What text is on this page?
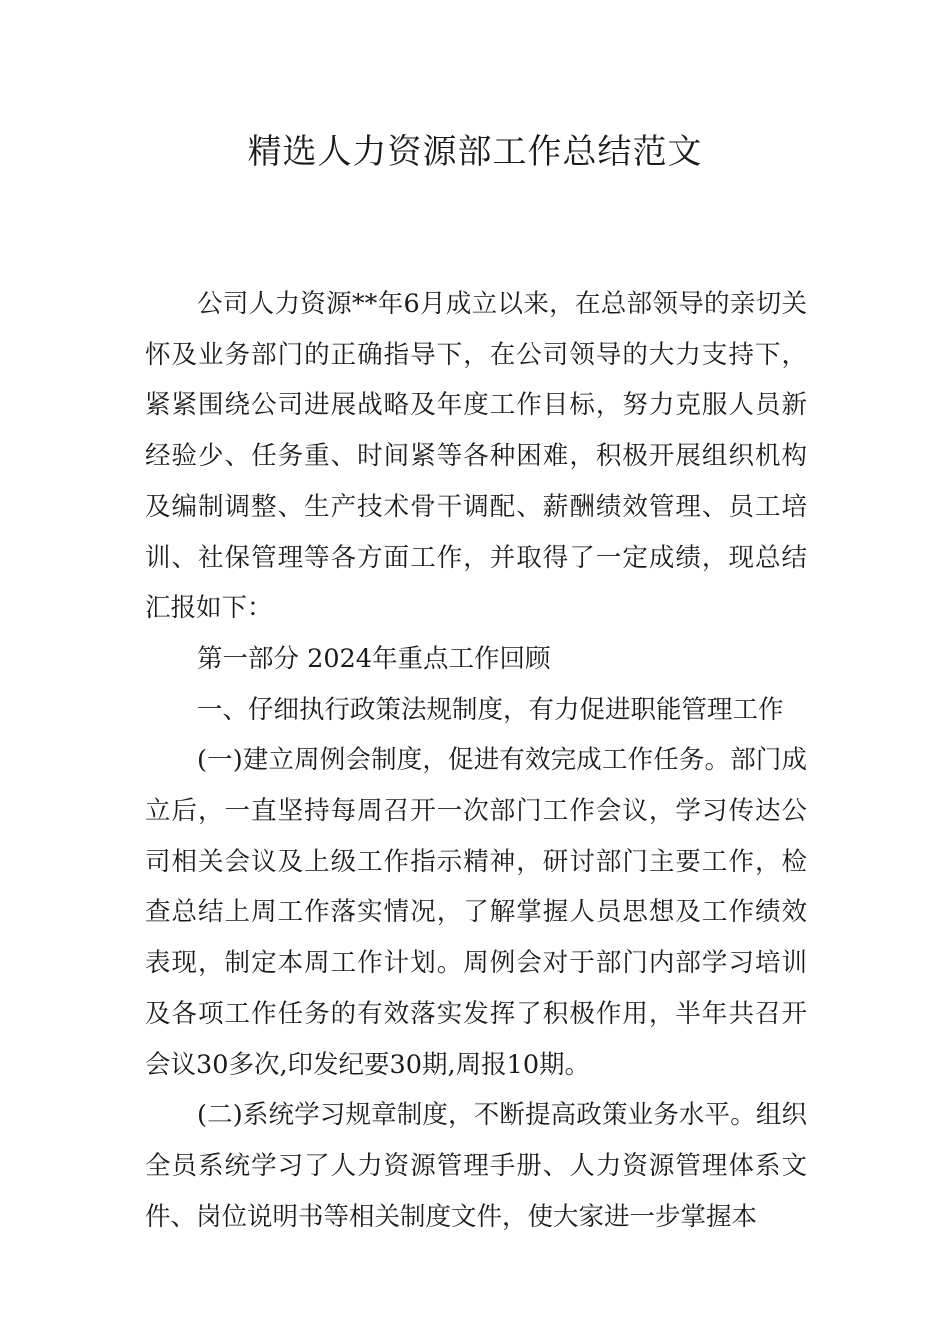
精选人力资源部工作总结范文

公司人力资源**年6月成立以来，在总部领导的亲切关怀及业务部门的正确指导下，在公司领导的大力支持下，紧紧围绕公司进展战略及年度工作目标，努力克服人员新经验少、任务重、时间紧等各种困难，积极开展组织机构及编制调整、生产技术骨干调配、薪酬绩效管理、员工培训、社保管理等各方面工作，并取得了一定成绩，现总结汇报如下：

第一部分 2024年重点工作回顾

一、仔细执行政策法规制度，有力促进职能管理工作

(一)建立周例会制度，促进有效完成工作任务。部门成立后，一直坚持每周召开一次部门工作会议，学习传达公司相关会议及上级工作指示精神，研讨部门主要工作，检查总结上周工作落实情况，了解掌握人员思想及工作绩效表现，制定本周工作计划。周例会对于部门内部学习培训及各项工作任务的有效落实发挥了积极作用，半年共召开会议30多次,印发纪要30期,周报10期。

(二)系统学习规章制度，不断提高政策业务水平。组织全员系统学习了人力资源管理手册、人力资源管理体系文件、岗位说明书等相关制度文件，使大家进一步掌握本
